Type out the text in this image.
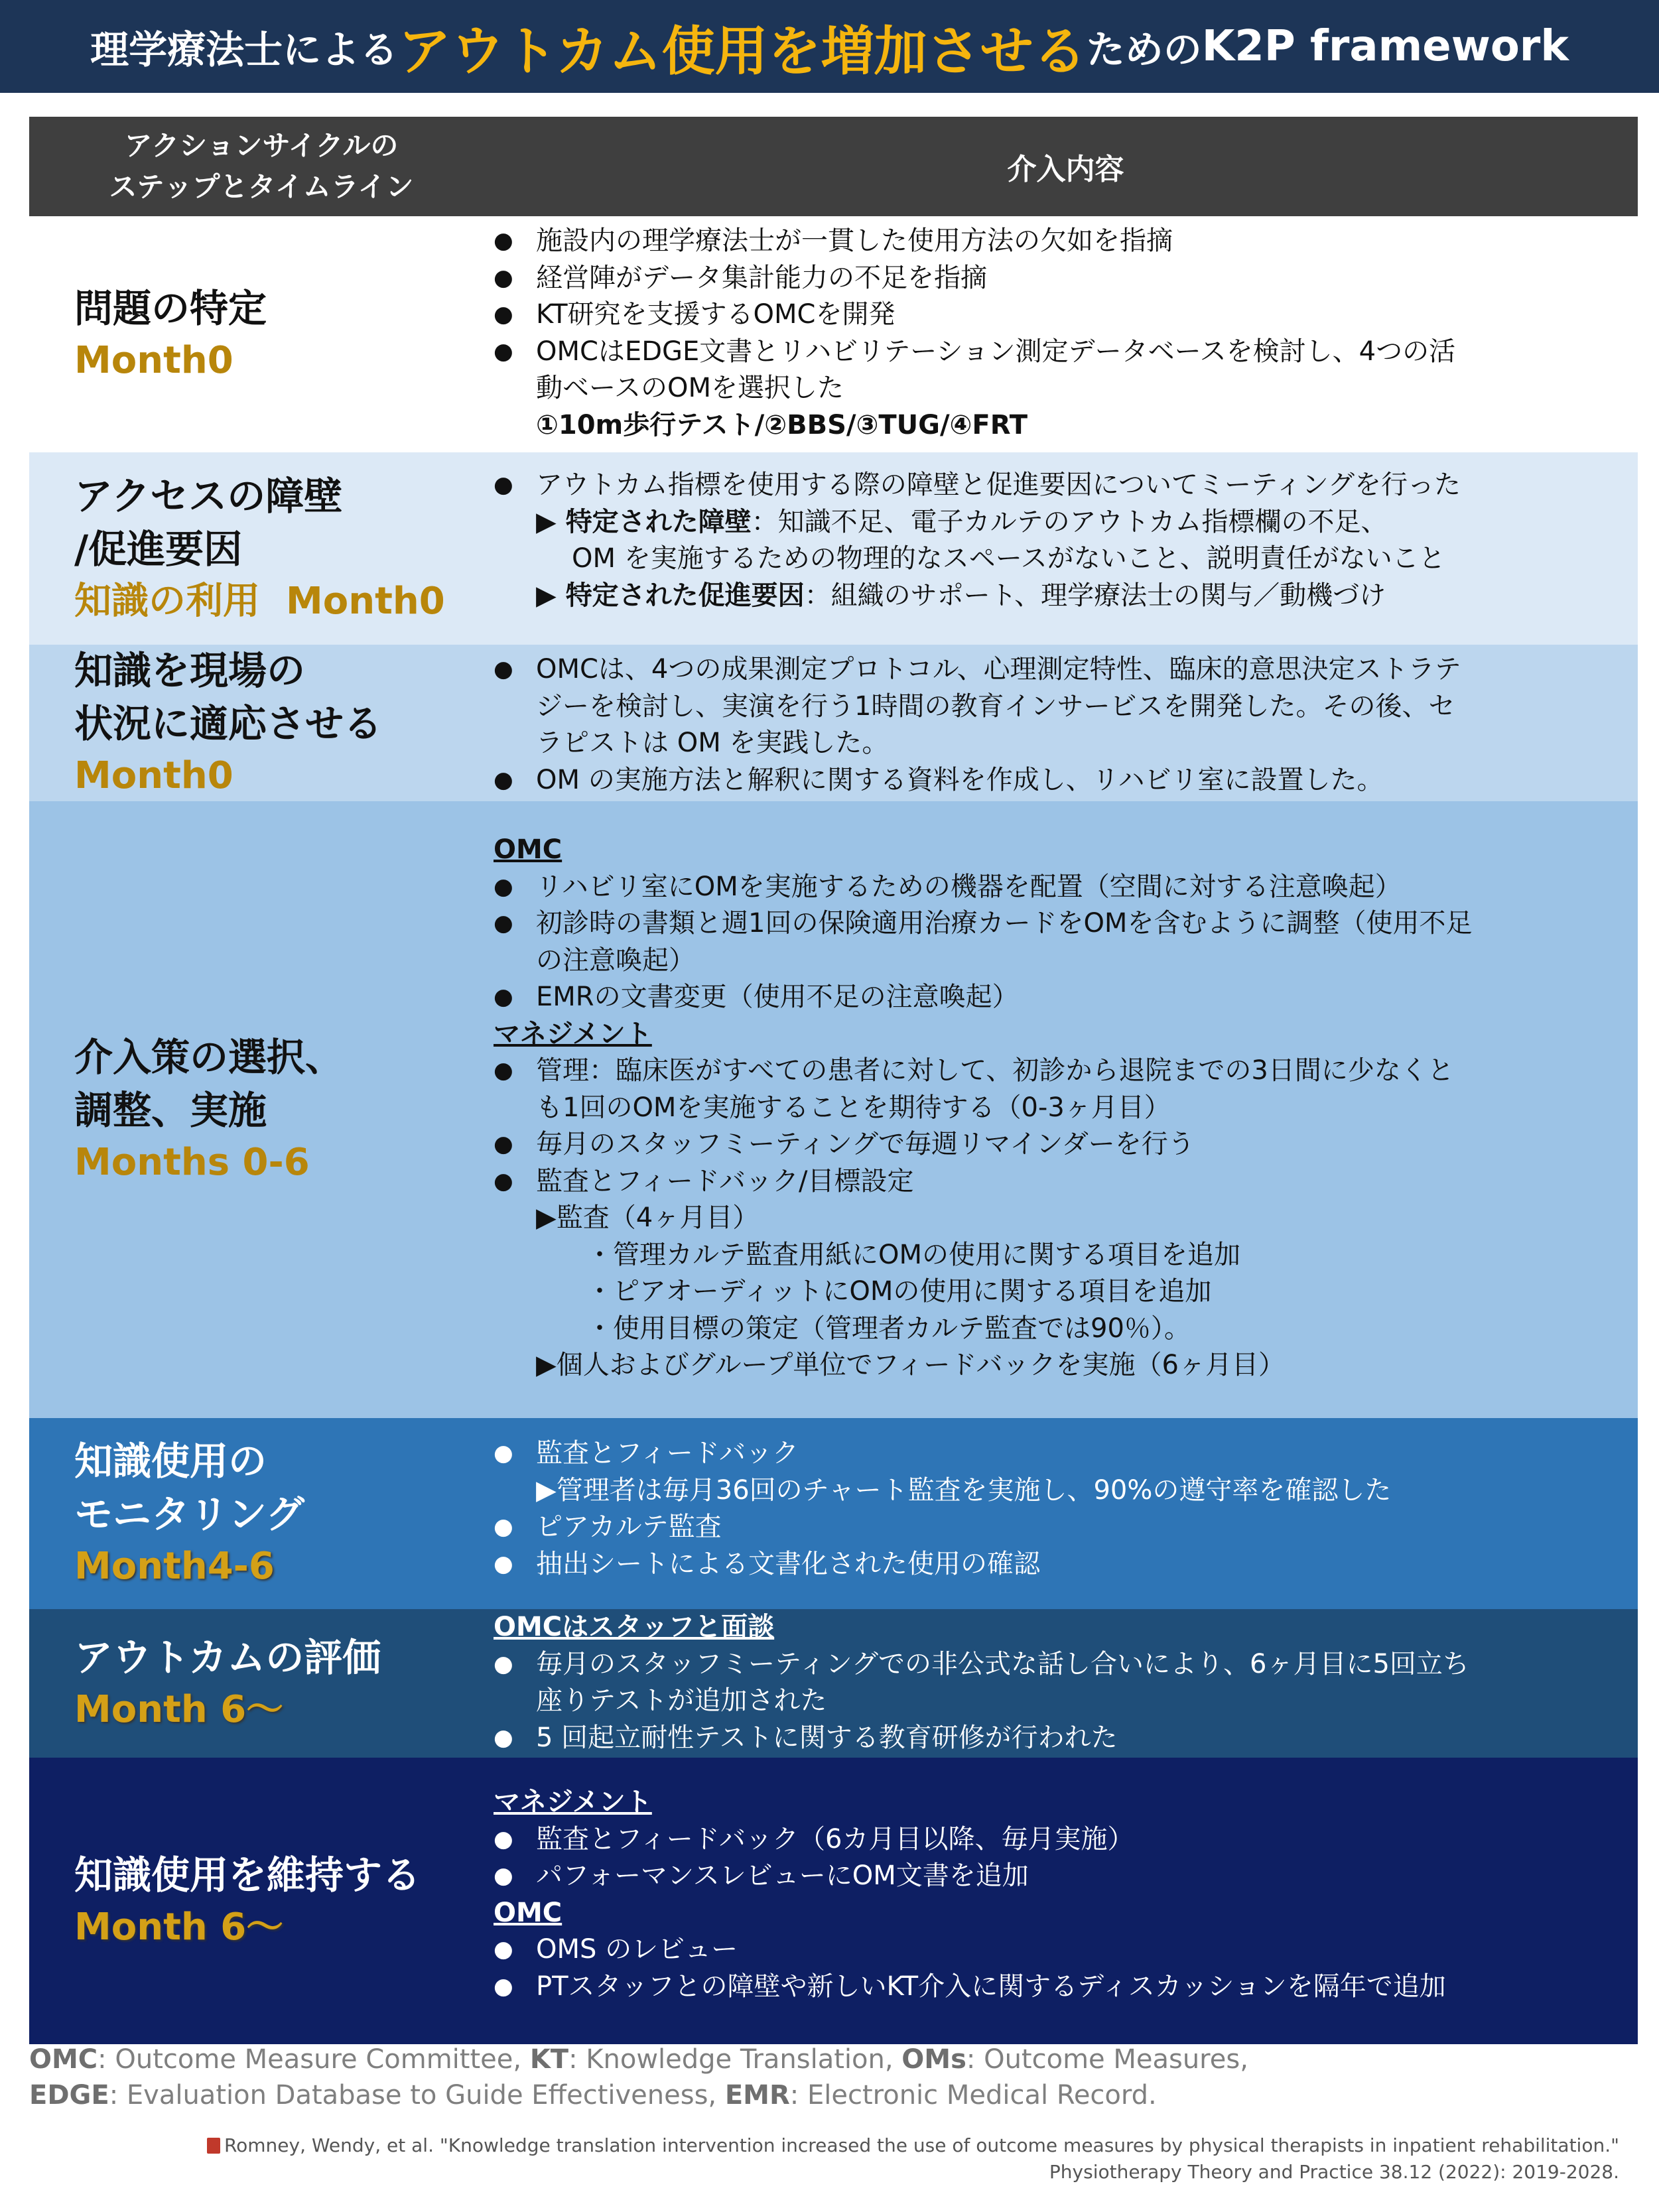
理学療法士による アウトカム使用を増加させる ための K2P framework
アクションサイクルの
ステップとタイムライン
介入内容
問題の特定
Month0
● 施設内の理学療法士が一貫した使用方法の欠如を指摘
● 経営陣がデータ集計能力の不足を指摘
● KT研究を支援するOMCを開発
● OMCはEDGE文書とリハビリテーション測定データベースを検討し、4つの活
動ベースのOMを選択した
①10m歩行テスト/②BBS/③TUG/④FRT
アクセスの障壁
/促進要因
知識の利用 Month0
● アウトカム指標を使用する際の障壁と促進要因についてミーティングを行った
▶ 特定された障壁 ：知識不足、電子カルテのアウトカム指標欄の不足、
OM を実施するための物理的なスペースがないこと、説明責任がないこと
▶ 特定された促進要因 ：組織のサポート、理学療法士の関与／動機づけ
知識を現場の
状況に適応させる
Month0
● OMCは、4つの成果測定プロトコル、心理測定特性、臨床的意思決定ストラテ
ジーを検討し、実演を行う1時間の教育インサービスを開発した。その後、セ
ラピストは OM を実践した。
● OM の実施方法と解釈に関する資料を作成し、リハビリ室に設置した。
介入策の選択、
調整、実施
Months 0-6
OMC
● リハビリ室にOMを実施するための機器を配置（空間に対する注意喚起）
● 初診時の書類と週1回の保険適用治療カードをOMを含むように調整（使用不足
の注意喚起）
● EMRの文書変更（使用不足の注意喚起）
マネジメント
● 管理：臨床医がすべての患者に対して、初診から退院までの3日間に少なくと
も1回のOMを実施することを期待する（0-3ヶ月目）
● 毎月のスタッフミーティングで毎週リマインダーを行う
● 監査とフィードバック/目標設定
▶監査（4ヶ月目）
・管理カルテ監査用紙にOMの使用に関する項目を追加
・ピアオーディットにOMの使用に関する項目を追加
・使用目標の策定（管理者カルテ監査では90％）。
▶個人およびグループ単位でフィードバックを実施（6ヶ月目）
知識使用の
モニタリング
Month4-6
● 監査とフィードバック
▶管理者は毎月36回のチャート監査を実施し、90%の遵守率を確認した
● ピアカルテ監査
● 抽出シートによる文書化された使用の確認
アウトカムの評価
Month 6〜
OMCはスタッフと面談
● 毎月のスタッフミーティングでの非公式な話し合いにより、6ヶ月目に5回立ち
座りテストが追加された
● 5 回起立耐性テストに関する教育研修が行われた
知識使用を維持する
Month 6〜
マネジメント
● 監査とフィードバック（6カ月目以降、毎月実施）
● パフォーマンスレビューにOM文書を追加
OMC
● OMS のレビュー
● PTスタッフとの障壁や新しいKT介入に関するディスカッションを隔年で追加
OMC: Outcome Measure Committee, KT: Knowledge Translation, OMs: Outcome Measures,
EDGE: Evaluation Database to Guide Effectiveness, EMR: Electronic Medical Record.
Romney, Wendy, et al. "Knowledge translation intervention increased the use of outcome measures by physical therapists in inpatient rehabilitation."
Physiotherapy Theory and Practice 38.12 (2022): 2019-2028.
